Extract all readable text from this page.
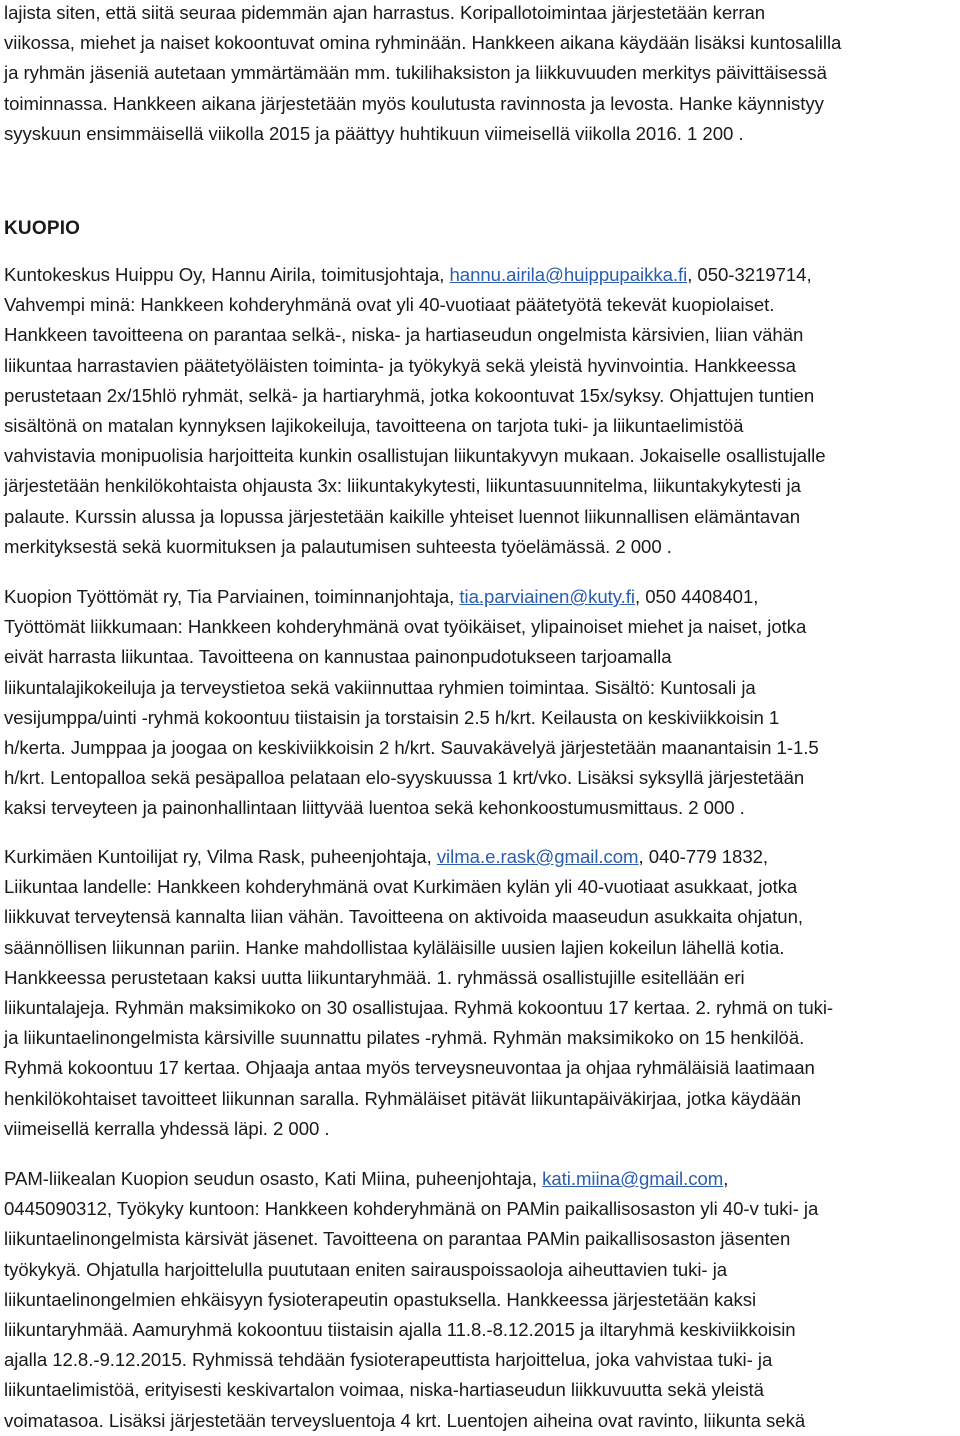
lajista siten, että siitä seuraa pidemmän ajan harrastus. Koripallotoimintaa järjestetään kerran
viikossa, miehet ja naiset kokoontuvat omina ryhminään. Hankkeen aikana käydään lisäksi kuntosalilla
ja ryhmän jäseniä autetaan ymmärtämään mm. tukilihaksiston ja liikkuvuuden merkitys päivittäisessä
toiminnassa. Hankkeen aikana järjestetään myös koulutusta ravinnosta ja levosta. Hanke käynnistyy
syyskuun ensimmäisellä viikolla 2015 ja päättyy huhtikuun viimeisellä viikolla 2016. 1 200 .
KUOPIO
Kuntokeskus Huippu Oy, Hannu Airila, toimitusjohtaja, hannu.airila@huippupaikka.fi, 050-3219714,
Vahvempi minä: Hankkeen kohderyhmänä ovat yli 40-vuotiaat päätetyötä tekevät kuopiolaiset.
Hankkeen tavoitteena on parantaa selkä-, niska- ja hartiaseudun ongelmista kärsivien, liian vähän
liikuntaa harrastavien päätetyöläisten toiminta- ja työkykyä sekä yleistä hyvinvointia. Hankkeessa
perustetaan 2x/15hlö ryhmät, selkä- ja hartiaryhmä, jotka kokoontuvat 15x/syksy. Ohjattujen tuntien
sisältönä on matalan kynnyksen lajikokeiluja, tavoitteena on tarjota tuki- ja liikuntaelimistöä
vahvistavia monipuolisia harjoitteita kunkin osallistujan liikuntakyvyn mukaan. Jokaiselle osallistujalle
järjestetään henkilökohtaista ohjausta 3x: liikuntakykytesti, liikuntasuunnitelma, liikuntakykytesti ja
palaute. Kurssin alussa ja lopussa järjestetään kaikille yhteiset luennot liikunnallisen elämäntavan
merkityksestä sekä kuormituksen ja palautumisen suhteesta työelämässä. 2 000 .
Kuopion Työttömät ry, Tia Parviainen, toiminnanjohtaja, tia.parviainen@kuty.fi, 050 4408401,
Työttömät liikkumaan: Hankkeen kohderyhmänä ovat työikäiset, ylipainoiset miehet ja naiset, jotka
eivät harrasta liikuntaa. Tavoitteena on kannustaa painonpudotukseen tarjoamalla
liikuntalajikokeiluja ja terveystietoa sekä vakiinnuttaa ryhmien toimintaa. Sisältö: Kuntosali ja
vesijumppa/uinti -ryhmä kokoontuu tiistaisin ja torstaisin 2.5 h/krt. Keilausta on keskiviikkoisin 1
h/kerta. Jumppaa ja joogaa on keskiviikkoisin 2 h/krt. Sauvakävelyä järjestetään maanantaisin 1-1.5
h/krt. Lentopalloa sekä pesäpalloa pelataan elo-syyskuussa 1 krt/vko. Lisäksi syksyllä järjestetään
kaksi terveyteen ja painonhallintaan liittyvää luentoa sekä kehonkoostumusmittaus. 2 000 .
Kurkimäen Kuntoilijat ry, Vilma Rask, puheenjohtaja, vilma.e.rask@gmail.com, 040-779 1832,
Liikuntaa landelle: Hankkeen kohderyhmänä ovat Kurkimäen kylän yli 40-vuotiaat asukkaat, jotka
liikkuvat terveytensä kannalta liian vähän. Tavoitteena on aktivoida maaseudun asukkaita ohjatun,
säännöllisen liikunnan pariin. Hanke mahdollistaa kyläläisille uusien lajien kokeilun lähellä kotia.
Hankkeessa perustetaan kaksi uutta liikuntaryhmää. 1. ryhmässä osallistujille esitellään eri
liikuntalajeja. Ryhmän maksimikoko on 30 osallistujaa. Ryhmä kokoontuu 17 kertaa. 2. ryhmä on tuki-
ja liikuntaelinongelmista kärsiville suunnattu pilates -ryhmä. Ryhmän maksimikoko on 15 henkilöä.
Ryhmä kokoontuu 17 kertaa. Ohjaaja antaa myös terveysneuvontaa ja ohjaa ryhmäläisiä laatimaan
henkilökohtaiset tavoitteet liikunnan saralla. Ryhmäläiset pitävät liikuntapäiväkirjaa, jotka käydään
viimeisellä kerralla yhdessä läpi. 2 000 .
PAM-liikealan Kuopion seudun osasto, Kati Miina, puheenjohtaja, kati.miina@gmail.com,
0445090312, Työkyky kuntoon: Hankkeen kohderyhmänä on PAMin paikallisosaston yli 40-v tuki- ja
liikuntaelinongelmista kärsivät jäsenet. Tavoitteena on parantaa PAMin paikallisosaston jäsenten
työkykyä. Ohjatulla harjoittelulla puututaan eniten sairauspoissaoloja aiheuttavien tuki- ja
liikuntaelinongelmien ehkäisyyn fysioterapeutin opastuksella. Hankkeessa järjestetään kaksi
liikuntaryhmää. Aamuryhmä kokoontuu tiistaisin ajalla 11.8.-8.12.2015 ja iltaryhmä keskiviikkoisin
ajalla 12.8.-9.12.2015. Ryhmissä tehdään fysioterapeuttista harjoittelua, joka vahvistaa tuki- ja
liikuntaelimistöä, erityisesti keskivartalon voimaa, niska-hartiaseudun liikkuvuutta sekä yleistä
voimatasoa. Lisäksi järjestetään terveysluentoja 4 krt. Luentojen aiheina ovat ravinto, liikunta sekä
